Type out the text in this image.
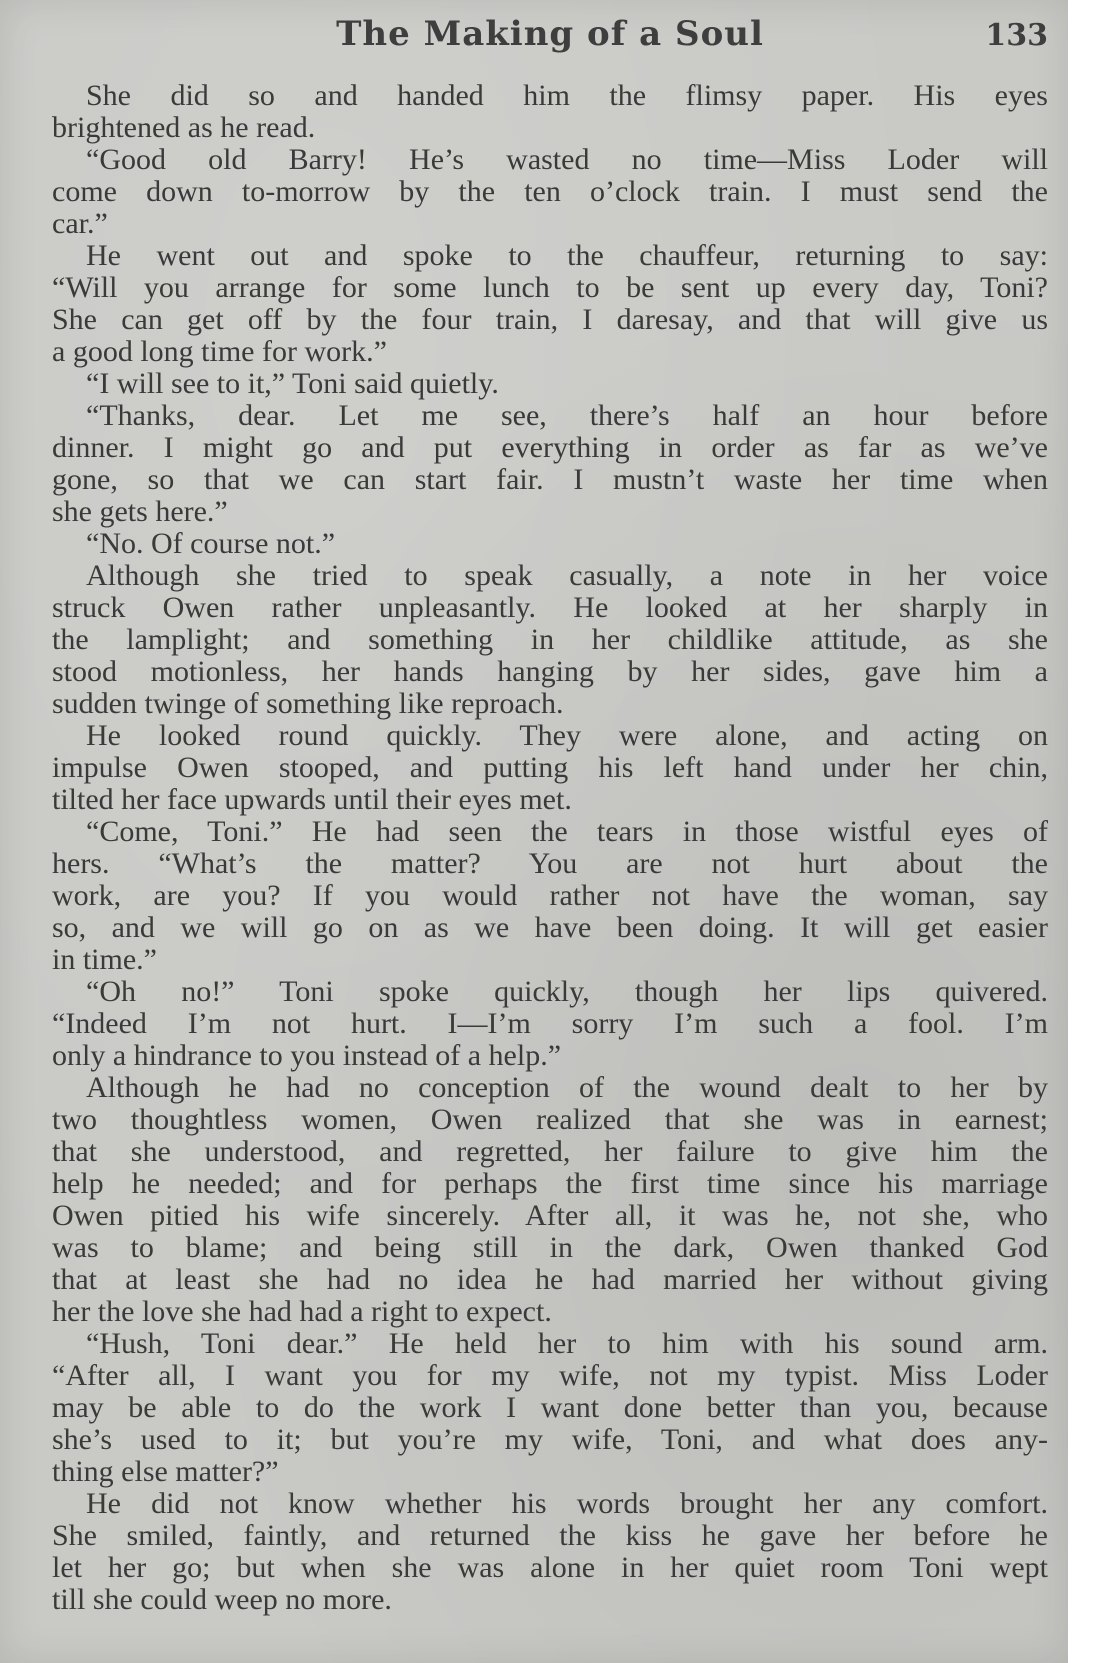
The Making of a Soul	133
She did so and handed him the flimsy paper. His eyes
brightened as he read.
“Good old Barry! He’s wasted no time—Miss Loder will
come down to-morrow by the ten o’clock train. I must send the
car.”
He went out and spoke to the chauffeur, returning to say:
“Will you arrange for some lunch to be sent up every day, Toni?
She can get off by the four train, I daresay, and that will give us
a good long time for work.”
“I will see to it,” Toni said quietly.
“Thanks, dear. Let me see, there’s half an hour before
dinner. I might go and put everything in order as far as we’ve
gone, so that we can start fair. I mustn’t waste her time when
she gets here.”
“No. Of course not.”
Although she tried to speak casually, a note in her voice
struck Owen rather unpleasantly. He looked at her sharply in
the lamplight; and something in her childlike attitude, as she
stood motionless, her hands hanging by her sides, gave him a
sudden twinge of something like reproach.
He looked round quickly. They were alone, and acting on
impulse Owen stooped, and putting his left hand under her chin,
tilted her face upwards until their eyes met.
“Come, Toni.” He had seen the tears in those wistful eyes of
hers. “What’s the matter? You are not hurt about the
work, are you? If you would rather not have the woman, say
so, and we will go on as we have been doing. It will get easier
in time.”
“Oh no!” Toni spoke quickly, though her lips quivered.
“Indeed I’m not hurt. I—I’m sorry I’m such a fool. I’m
only a hindrance to you instead of a help.”
Although he had no conception of the wound dealt to her by
two thoughtless women, Owen realized that she was in earnest;
that she understood, and regretted, her failure to give him the
help he needed; and for perhaps the first time since his marriage
Owen pitied his wife sincerely. After all, it was he, not she, who
was to blame; and being still in the dark, Owen thanked God
that at least she had no idea he had married her without giving
her the love she had had a right to expect.
“Hush, Toni dear.” He held her to him with his sound arm.
“After all, I want you for my wife, not my typist. Miss Loder
may be able to do the work I want done better than you, because
she’s used to it; but you’re my wife, Toni, and what does any-
thing else matter?”
He did not know whether his words brought her any comfort.
She smiled, faintly, and returned the kiss he gave her before he
let her go; but when she was alone in her quiet room Toni wept
till she could weep no more.
